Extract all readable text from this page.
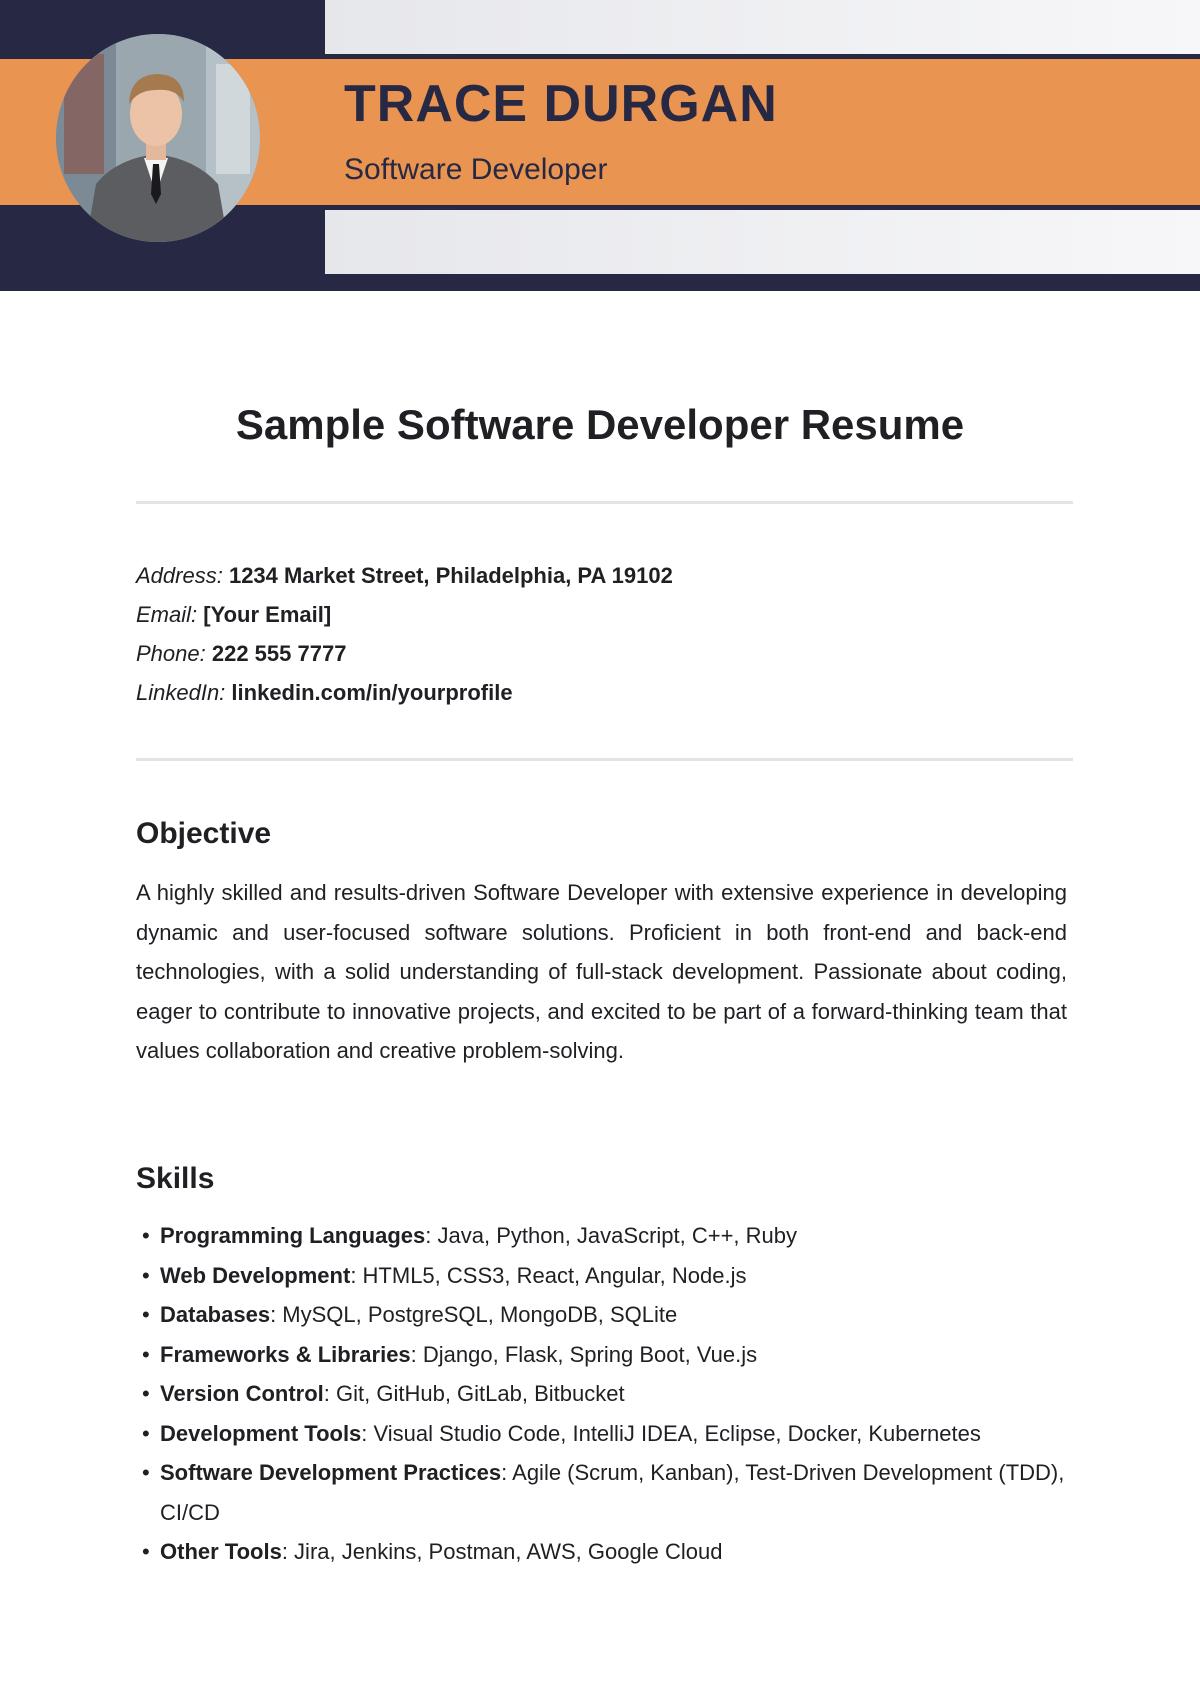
TRACE DURGAN
Software Developer
Sample Software Developer Resume
Address: 1234 Market Street, Philadelphia, PA 19102
Email: [Your Email]
Phone: 222 555 7777
LinkedIn: linkedin.com/in/yourprofile
Objective

A highly skilled and results-driven Software Developer with extensive experience in developing dynamic and user-focused software solutions. Proficient in both front-end and back-end technologies, with a solid understanding of full-stack development. Passionate about coding, eager to contribute to innovative projects, and excited to be part of a forward-thinking team that values collaboration and creative problem-solving.

Skills
• Programming Languages: Java, Python, JavaScript, C++, Ruby
• Web Development: HTML5, CSS3, React, Angular, Node.js
• Databases: MySQL, PostgreSQL, MongoDB, SQLite
• Frameworks & Libraries: Django, Flask, Spring Boot, Vue.js
• Version Control: Git, GitHub, GitLab, Bitbucket
• Development Tools: Visual Studio Code, IntelliJ IDEA, Eclipse, Docker, Kubernetes
• Software Development Practices: Agile (Scrum, Kanban), Test-Driven Development (TDD), CI/CD
• Other Tools: Jira, Jenkins, Postman, AWS, Google Cloud
